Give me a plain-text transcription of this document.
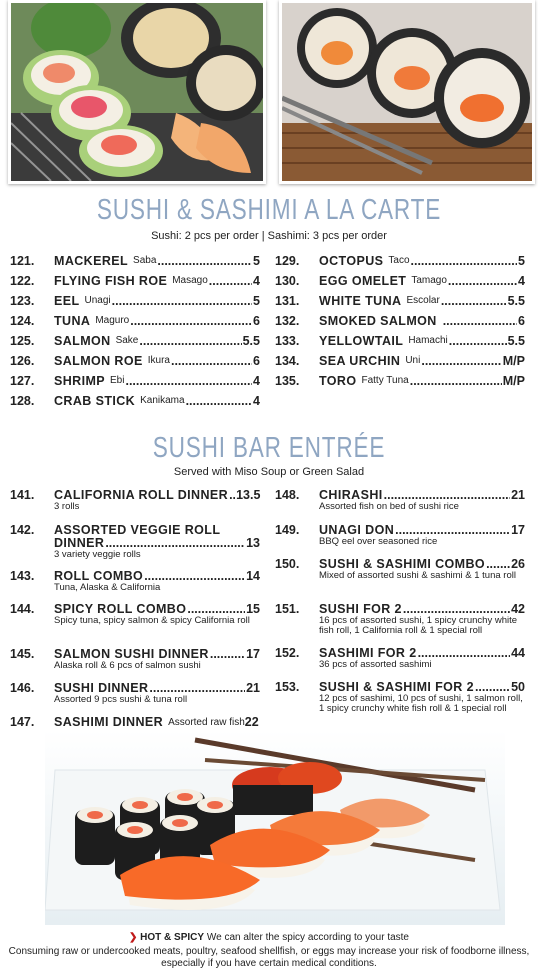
SUSHI & SASHIMI A LA CARTE
Sushi: 2 pcs per order | Sashimi: 3 pcs per order
121.	MACKEREL Saba .....	5
122.	FLYING FISH ROE Masago .....	4
123.	EEL Unagi .....	5
124.	TUNA Maguro .....	6
125.	SALMON Sake .....	5.5
126.	SALMON ROE Ikura .....	6
127.	SHRIMP Ebi .....	4
128.	CRAB STICK Kanikama .....	4
129.	OCTOPUS Taco .....	5
130.	EGG OMELET Tamago .....	4
131.	WHITE TUNA Escolar .....	5.5
132.	SMOKED SALMON .....	6
133.	YELLOWTAIL Hamachi .....	5.5
134.	SEA URCHIN Uni .....	M/P
135.	TORO Fatty Tuna .....	M/P
SUSHI BAR ENTRÉE
Served with Miso Soup or Green Salad
141.	CALIFORNIA ROLL DINNER ..... 13.5
3 rolls
142.	ASSORTED VEGGIE ROLL
DINNER .....	13
3 variety veggie rolls
143.	ROLL COMBO .....	14
Tuna, Alaska & California
144.	SPICY ROLL COMBO .....	15
Spicy tuna, spicy salmon & spicy California roll
145.	SALMON SUSHI DINNER .....	17
Alaska roll & 6 pcs of salmon sushi
146.	SUSHI DINNER .....	21
Assorted 9 pcs sushi & tuna roll
147.	SASHIMI DINNER Assorted raw fish 22
148.	CHIRASHI .....	21
Assorted fish on bed of sushi rice
149.	UNAGI DON .....	17
BBQ eel over seasoned rice
150.	SUSHI & SASHIMI COMBO ..... 26
Mixed of assorted sushi & sashimi & 1 tuna roll
151.	SUSHI FOR 2 .....	42
16 pcs of assorted sushi, 1 spicy crunchy white fish roll, 1 California roll & 1 special roll
152.	SASHIMI FOR 2 .....	44
36 pcs of assorted sashimi
153.	SUSHI & SASHIMI FOR 2 .....	50
12 pcs of sashimi, 10 pcs of sushi, 1 salmon roll, 1 spicy crunchy white fish roll & 1 special roll
❯ HOT & SPICY We can alter the spicy according to your taste
Consuming raw or undercooked meats, poultry, seafood shellfish, or eggs may increase your risk of foodborne illness, especially if you have certain medical conditions.
